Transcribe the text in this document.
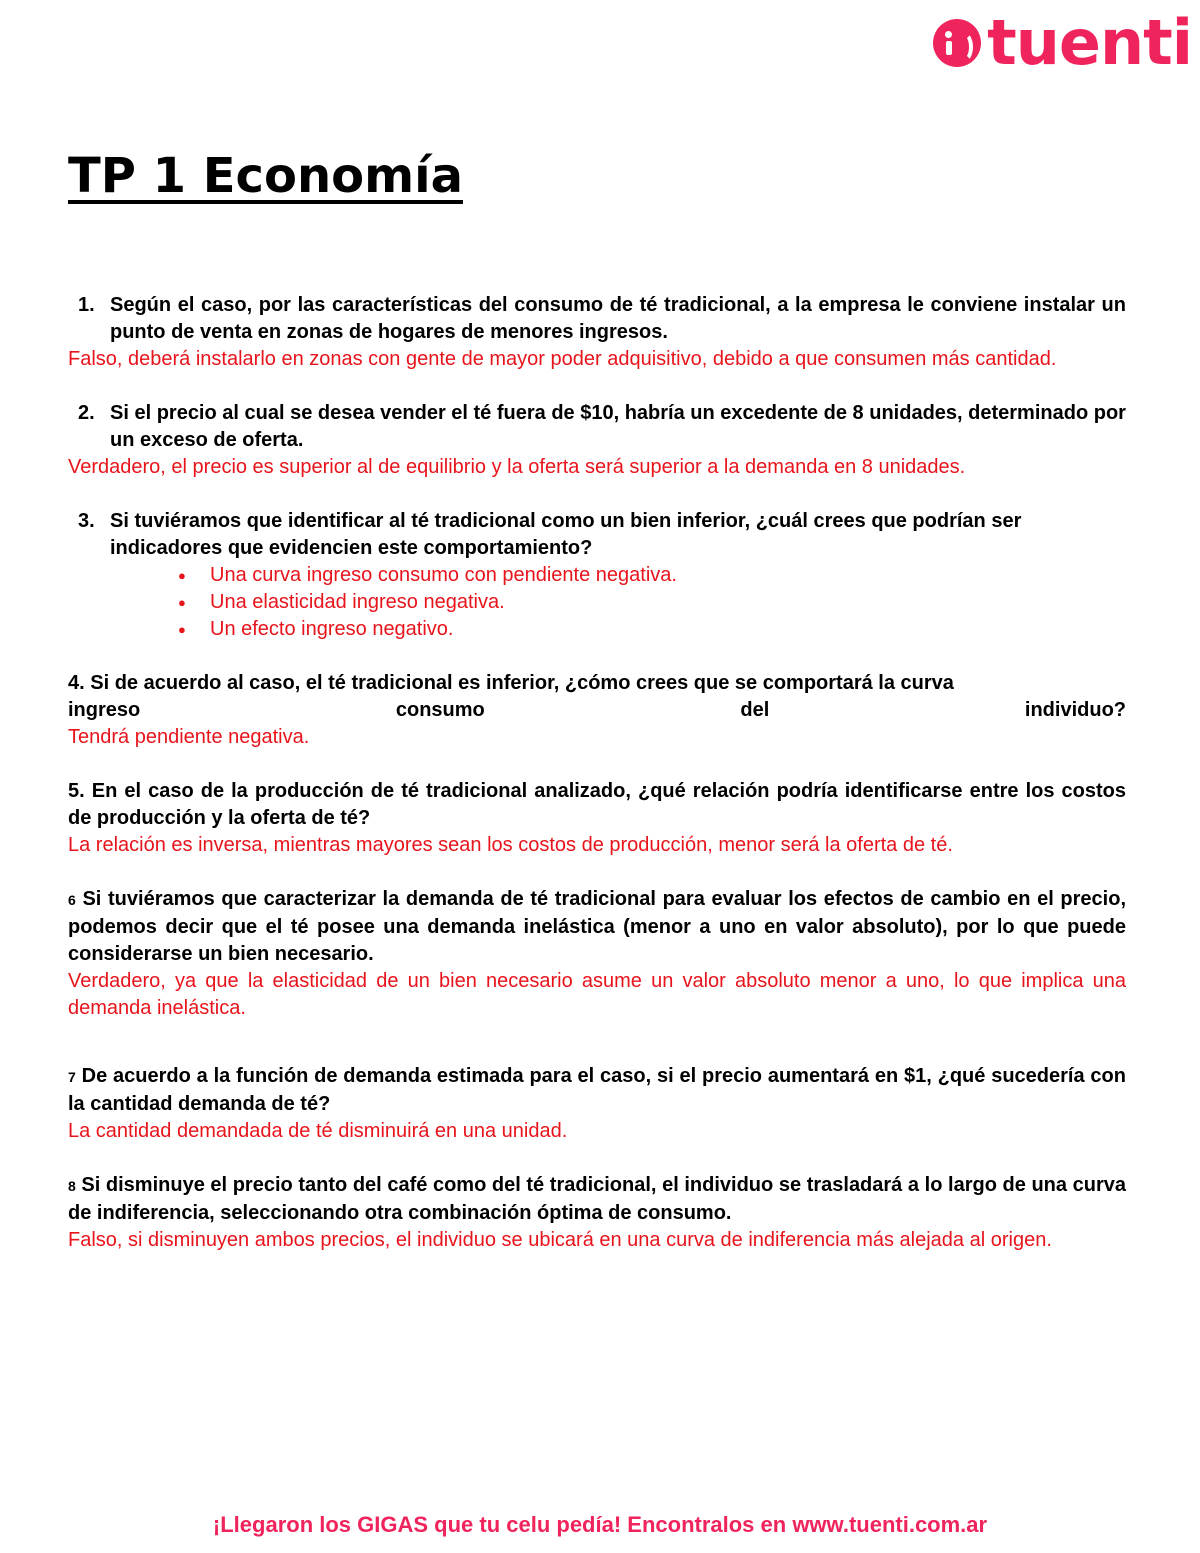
tuenti
TP 1 Economía
1. Según el caso, por las características del consumo de té tradicional, a la empresa le conviene instalar un punto de venta en zonas de hogares de menores ingresos.
Falso, deberá instalarlo en zonas con gente de mayor poder adquisitivo, debido a que consumen más cantidad.
2. Si el precio al cual se desea vender el té fuera de $10, habría un excedente de 8 unidades, determinado por un exceso de oferta.
Verdadero, el precio es superior al de equilibrio y la oferta será superior a la demanda en 8 unidades.
3. Si tuviéramos que identificar al té tradicional como un bien inferior, ¿cuál crees que podrían ser indicadores que evidencien este comportamiento?
● Una curva ingreso consumo con pendiente negativa.
● Una elasticidad ingreso negativa.
● Un efecto ingreso negativo.
4. Si de acuerdo al caso, el té tradicional es inferior, ¿cómo crees que se comportará la curva
ingreso consumo del individuo?
Tendrá pendiente negativa.
5. En el caso de la producción de té tradicional analizado, ¿qué relación podría identificarse entre los costos de producción y la oferta de té?
La relación es inversa, mientras mayores sean los costos de producción, menor será la oferta de té.
6 Si tuviéramos que caracterizar la demanda de té tradicional para evaluar los efectos de cambio en el precio, podemos decir que el té posee una demanda inelástica (menor a uno en valor absoluto), por lo que puede considerarse un bien necesario.
Verdadero, ya que la elasticidad de un bien necesario asume un valor absoluto menor a uno, lo que implica una demanda inelástica.
7 De acuerdo a la función de demanda estimada para el caso, si el precio aumentará en $1, ¿qué sucedería con la cantidad demanda de té?
La cantidad demandada de té disminuirá en una unidad.
8 Si disminuye el precio tanto del café como del té tradicional, el individuo se trasladará a lo largo de una curva de indiferencia, seleccionando otra combinación óptima de consumo.
Falso, si disminuyen ambos precios, el individuo se ubicará en una curva de indiferencia más alejada al origen.
¡Llegaron los GIGAS que tu celu pedía! Encontralos en www.tuenti.com.ar
